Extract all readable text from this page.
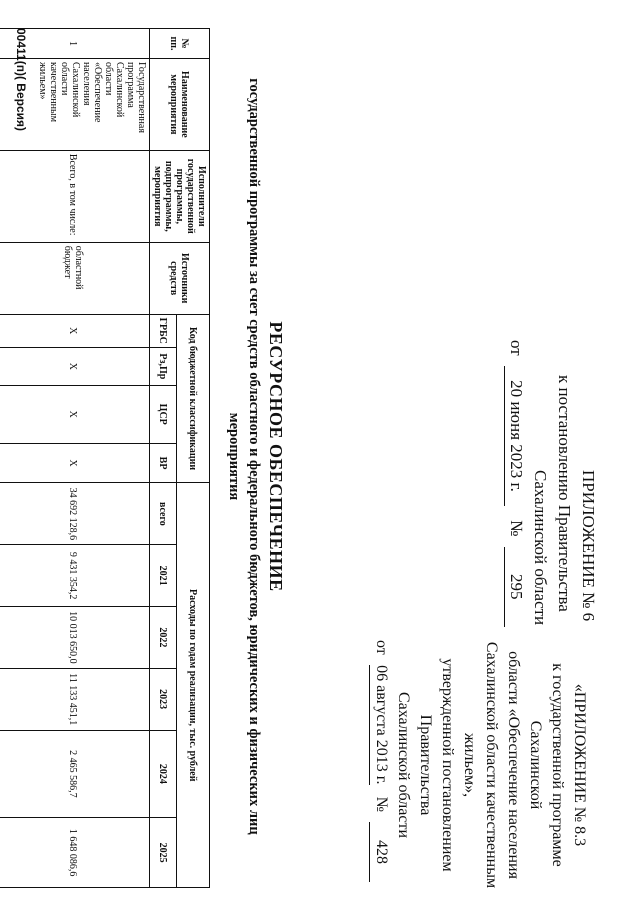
ПРИЛОЖЕНИЕ № 6
к постановлению Правительства
Сахалинской области
от 20 июня 2023 г. № 295
«ПРИЛОЖЕНИЕ № 8.3
к государственной программе Сахалинской
области «Обеспечение населения
Сахалинской области качественным жильем»,
утвержденной постановлением Правительства
Сахалинской области
от 06 августа 2013 г. № 428
РЕСУРСНОЕ ОБЕСПЕЧЕНИЕ
государственной программы за счет средств областного и федерального бюджетов, юридических и физических лиц
мероприятия
№ пп.	Наименование мероприятия	Исполнители государственной программы, подпрограммы, мероприятия	Источники средств	Код бюджетной классификации				Расходы по годам реализации, тыс. рублей					
				ГРБС	Рз,Пр	ЦСР	ВР	всего	2021	2022	2023	2024	2025
1	Государственная программа Сахалинской области «Обеспечение населения Сахалинской области качественным жильем»	Всего, в том числе:	областной бюджет	Х	Х	Х	Х	34 692 128,6	9 431 354,2	10 013 650,0	11 133 451,1	2 465 586,7	1 648 086,6
00411(п)( Версия)
